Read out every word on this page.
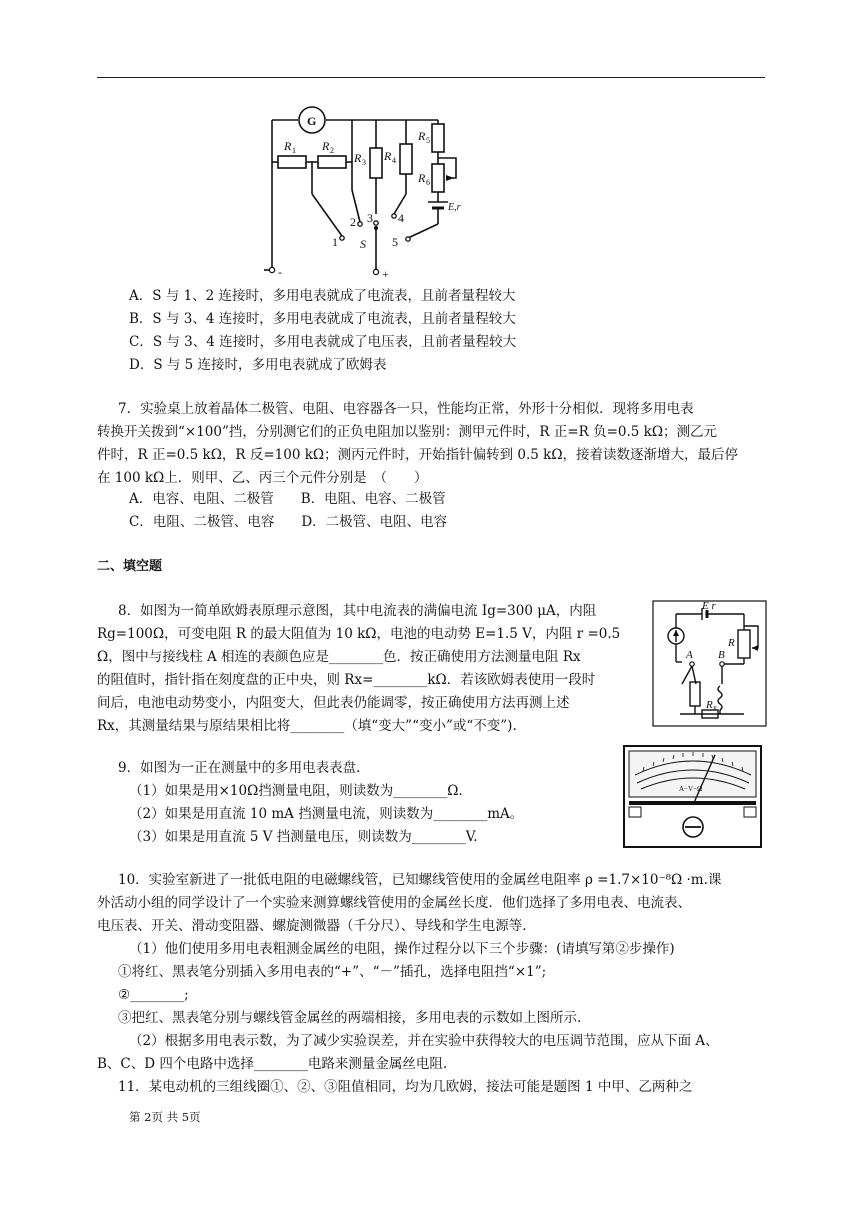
G
R 1 R 2
R 3 R 4
R 5
R 6
E,r
1
2 3 4
5
S
-	+
A．S 与 1、2 连接时，多用电表就成了电流表，且前者量程较大
B．S 与 3、4 连接时，多用电表就成了电流表，且前者量程较大
C．S 与 3、4 连接时，多用电表就成了电压表，且前者量程较大
D．S 与 5 连接时，多用电表就成了欧姆表
7．实验桌上放着晶体二极管、电阻、电容器各一只，性能均正常，外形十分相似．现将多用电表
转换开关拨到“×100”挡，分别测它们的正负电阻加以鉴别：测甲元件时，R 正=R 负=0.5 kΩ；测乙元
件时，R 正=0.5 kΩ，R 反=100 kΩ；测丙元件时，开始指针偏转到 0.5 kΩ，接着读数逐渐增大，最后停
在 100 kΩ上．则甲、乙、丙三个元件分别是　（　　）
A．电容、电阻、二极管　　B．电阻、电容、二极管
C．电阻、二极管、电容　　D．二极管、电阻、电容
二、填空题
8．如图为一简单欧姆表原理示意图，其中电流表的满偏电流 Ig=300 μA，内阻
Rg=100Ω，可变电阻 R 的最大阻值为 10 kΩ，电池的电动势 E=1.5 V，内阻 r =0.5
Ω，图中与接线柱 A 相连的表颜色应是________色．按正确使用方法测量电阻 Rx
的阻值时，指针指在刻度盘的正中央，则 Rx=________kΩ．若该欧姆表使用一段时
间后，电池电动势变小，内阻变大，但此表仍能调零，按正确使用方法再测上述
Rx，其测量结果与原结果相比将________（填“变大”“变小”或“不变”).
E r
R
A B
R x
9．如图为一正在测量中的多用电表表盘.
（1）如果是用×10Ω挡测量电阻，则读数为________Ω．
（2）如果是用直流 10 mA 挡测量电流，则读数为________mA。
（3）如果是用直流 5 V 挡测量电压，则读数为________V.
A−V−Ω
10．实验室新进了一批低电阻的电磁螺线管，已知螺线管使用的金属丝电阻率 ρ =1.7×10⁻⁸Ω ·m.课
外活动小组的同学设计了一个实验来测算螺线管使用的金属丝长度．他们选择了多用电表、电流表、
电压表、开关、滑动变阻器、螺旋测微器（千分尺）、导线和学生电源等.
（1）他们使用多用电表粗测金属丝的电阻，操作过程分以下三个步骤：(请填写第②步操作)
①将红、黑表笔分别插入多用电表的“+”、“－”插孔，选择电阻挡“×1”;
②________;
③把红、黑表笔分别与螺线管金属丝的两端相接，多用电表的示数如上图所示.
（2）根据多用电表示数，为了减少实验误差，并在实验中获得较大的电压调节范围，应从下面 A、
B、C、D 四个电路中选择________电路来测量金属丝电阻.
11．某电动机的三组线圈①、②、③阻值相同，均为几欧姆，接法可能是题图 1 中甲、乙两种之
第 2页 共 5页
